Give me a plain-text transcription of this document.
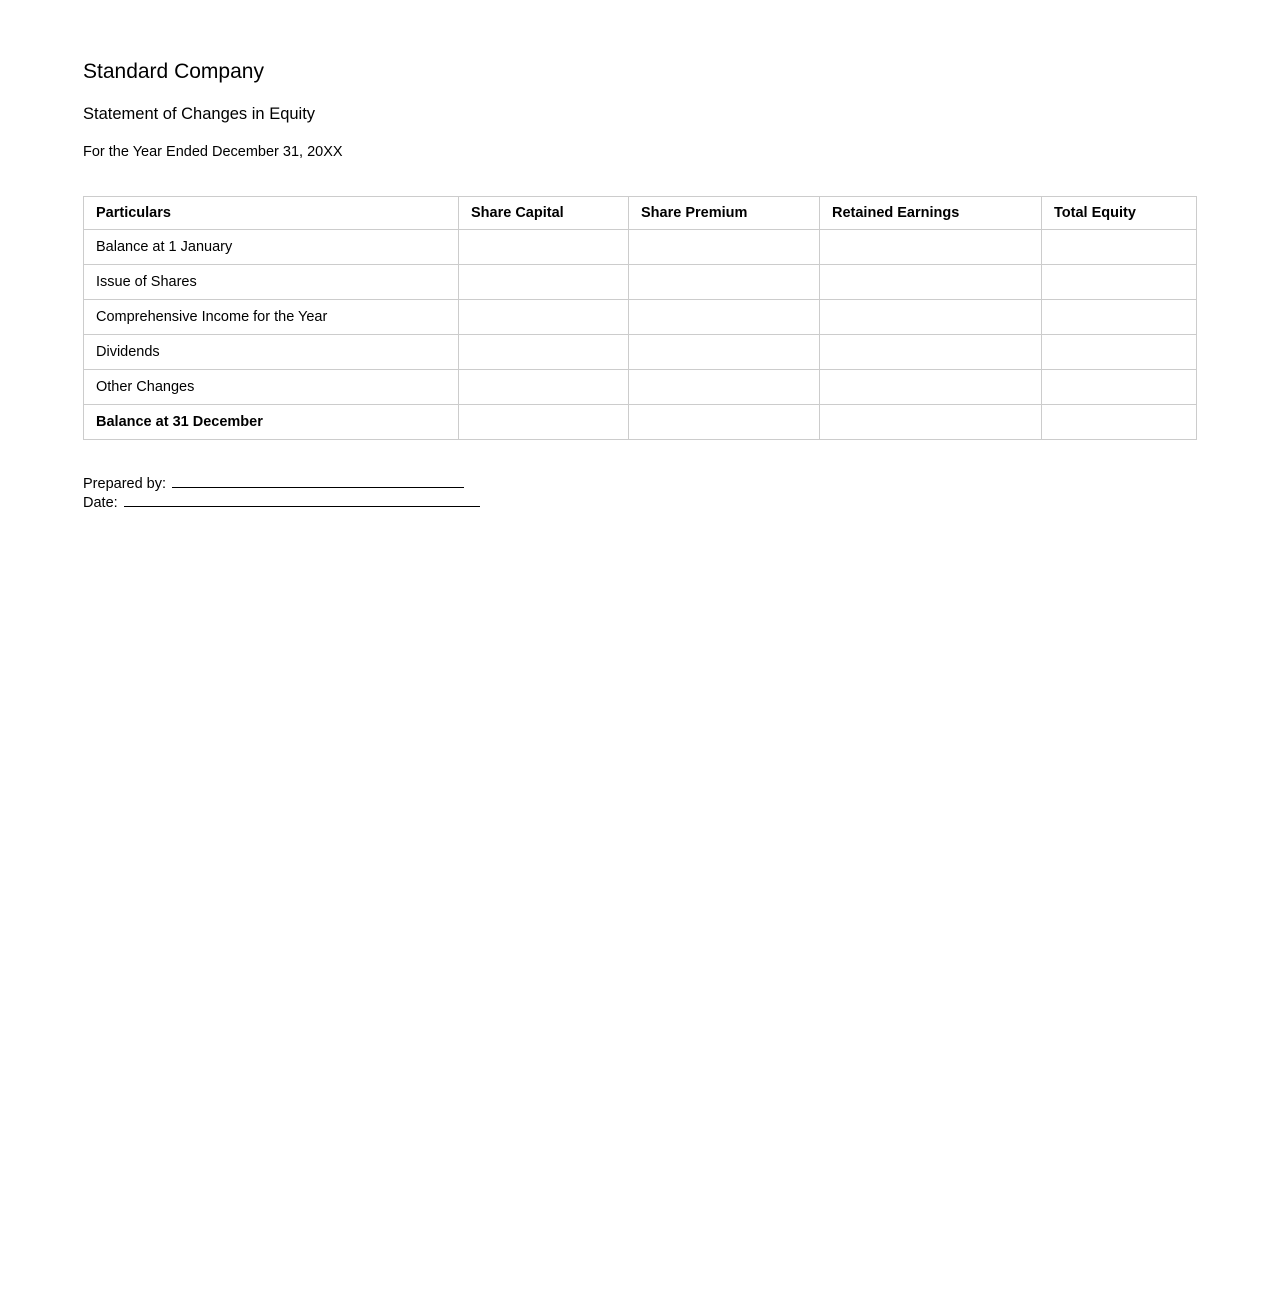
Standard Company
Statement of Changes in Equity

For the Year Ended December 31, 20XX

Particulars	Share Capital	Share Premium	Retained Earnings	Total Equity
Balance at 1 January				
Issue of Shares				
Comprehensive Income for the Year				
Dividends				
Other Changes				
Balance at 31 December				
Prepared by:
Date:
